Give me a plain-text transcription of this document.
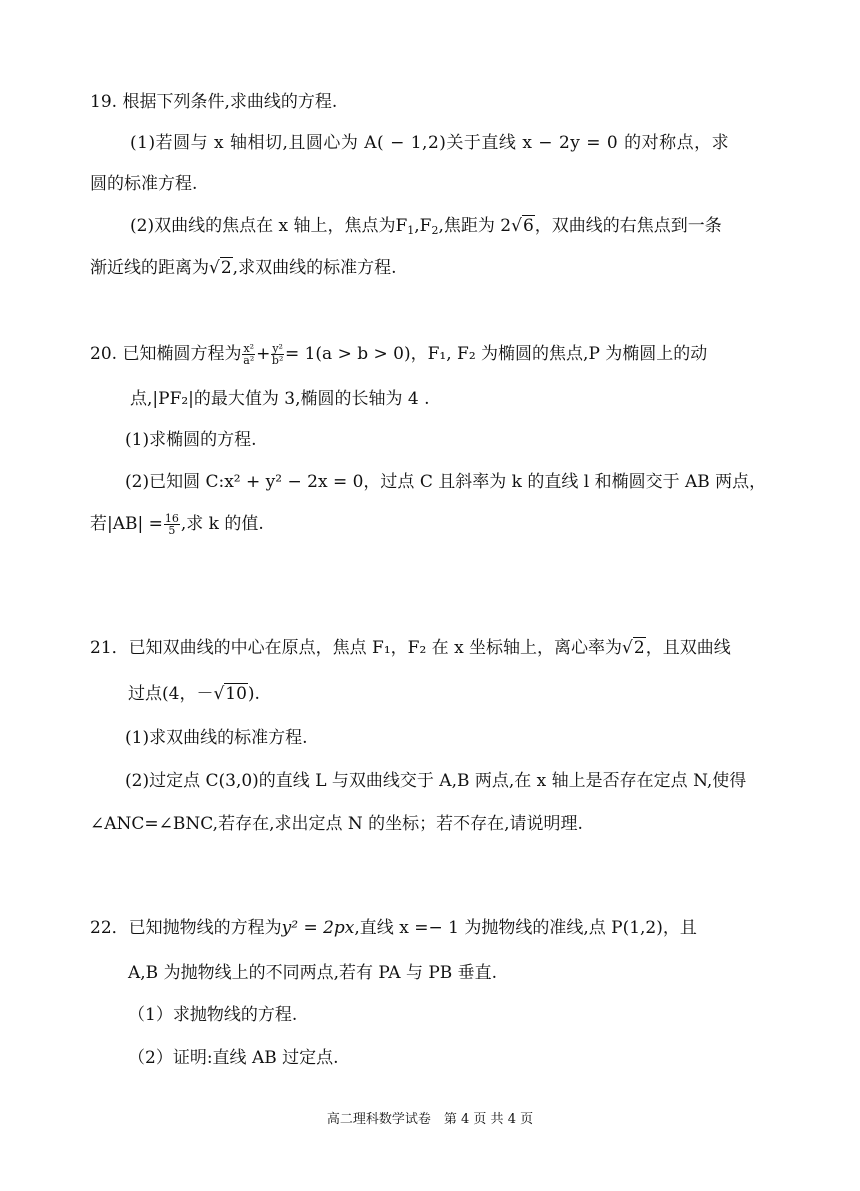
19. 根据下列条件,求曲线的方程.
(1)若圆与 x 轴相切,且圆心为 A( − 1,2)关于直线 x − 2y = 0 的对称点，求
圆的标准方程.
(2)双曲线的焦点在 x 轴上，焦点为$F_1,F_2$,焦距为 2√6，双曲线的右焦点到一条
渐近线的距离为√2,求双曲线的标准方程.
20. 已知椭圆方程为 $\frac{\text{x²}}{\text{a²}} + \frac{\text{y²}}{\text{b²}} = 1(a > b > 0)$，F₁, F₂ 为椭圆的焦点,P 为椭圆上的动
点,|PF₂|的最大值为 3,椭圆的长轴为 4 .
(1)求椭圆的方程.
(2)已知圆 C:x² + y² − 2x = 0，过点 C 且斜率为 k 的直线 l 和椭圆交于 AB 两点，
若$|AB| = \frac{16}{5}$ ,求 k 的值.
21．已知双曲线的中心在原点，焦点 F₁，F₂ 在 x 坐标轴上，离心率为√2，且双曲线
过点(4，－√10).
(1)求双曲线的标准方程.
(2)过定点 C(3,0)的直线 L 与双曲线交于 A,B 两点,在 x 轴上是否存在定点 N,使得
∠ANC=∠BNC,若存在,求出定点 N 的坐标；若不存在,请说明理.
22．已知抛物线的方程为y² = 2px,直线 x =− 1 为抛物线的准线,点 P(1,2)，且
A,B 为抛物线上的不同两点,若有 PA 与 PB 垂直.
（1）求抛物线的方程.
（2）证明:直线 AB 过定点.
高二理科数学试卷　第 4 页 共 4 页
